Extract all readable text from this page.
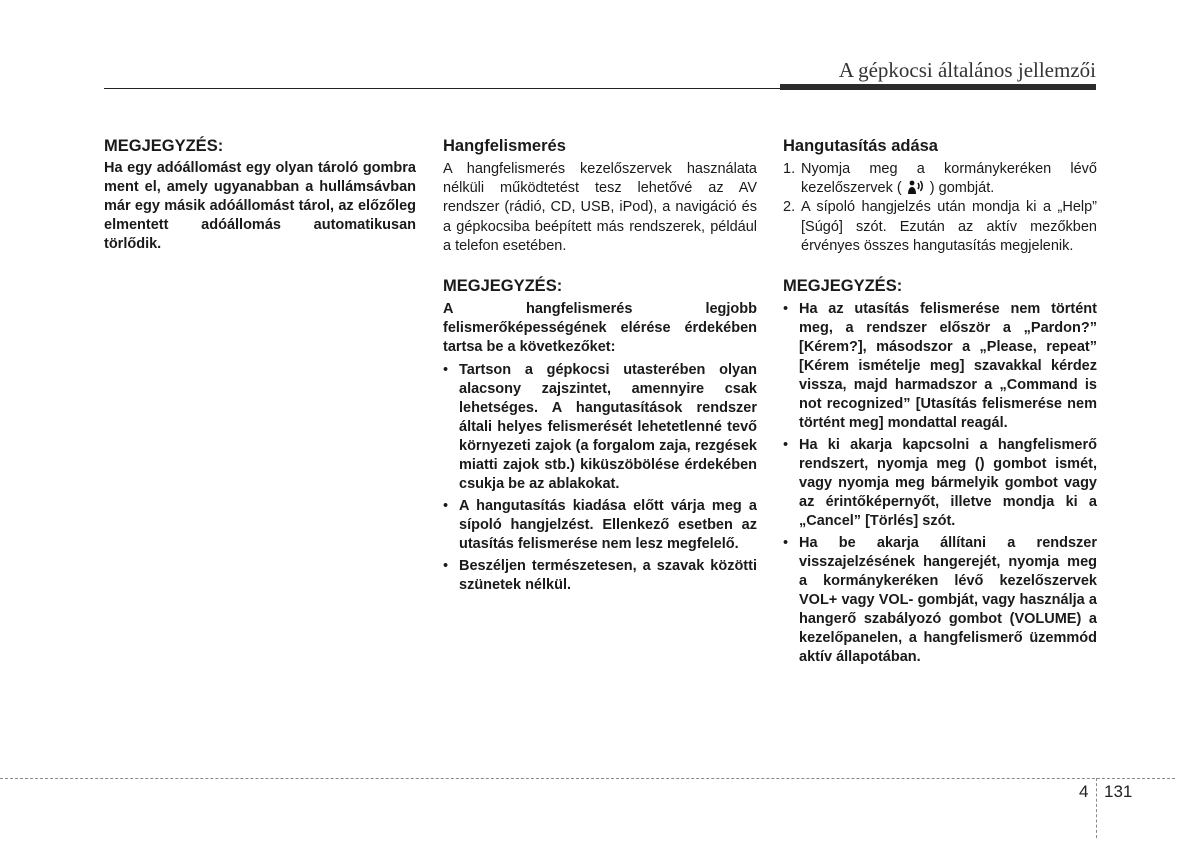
A gépkocsi általános jellemzői
MEGJEGYZÉS:

Ha egy adóállomást egy olyan tároló gombra ment el, amely ugyanabban a hullámsávban már egy másik adóállomást tárol, az előzőleg elmentett adóállomás automatikusan törlődik.

Hangfelismerés

A hangfelismerés kezelőszervek használata nélküli működtetést tesz lehetővé az AV rendszer (rádió, CD, USB, iPod), a navigáció és a gépkocsiba beépített más rendszerek, például a telefon esetében.

MEGJEGYZÉS:

A hangfelismerés legjobb felismerőképességének elérése érdekében tartsa be a következőket:

• Tartson a gépkocsi utasterében olyan alacsony zajszintet, amennyire csak lehetséges. A hangutasítások rendszer általi helyes felismerését lehetetlenné tevő környezeti zajok (a forgalom zaja, rezgések miatti zajok stb.) kiküszöbölése érdekében csukja be az ablakokat.
• A hangutasítás kiadása előtt várja meg a sípoló hangjelzést. Ellenkező esetben az utasítás felismerése nem lesz megfelelő.
• Beszéljen természetesen, a szavak közötti szünetek nélkül.
Hangutasítás adása
1. Nyomja meg a kormánykeréken lévő kezelőszervek ( ) gombját.
2. A sípoló hangjelzés után mondja ki a „Help” [Súgó] szót. Ezután az aktív mezőkben érvényes összes hangutasítás megjelenik.
MEGJEGYZÉS:
• Ha az utasítás felismerése nem történt meg, a rendszer először a „Pardon?” [Kérem?], másodszor a „Please, repeat” [Kérem ismételje meg] szavakkal kérdez vissza, majd harmadszor a „Command is not recognized” [Utasítás felismerése nem történt meg] mondattal reagál.
• Ha ki akarja kapcsolni a hangfelismerő rendszert, nyomja meg () gombot ismét, vagy nyomja meg bármelyik gombot vagy az érintőképernyőt, illetve mondja ki a „Cancel” [Törlés] szót.
• Ha be akarja állítani a rendszer visszajelzésének hangerejét, nyomja meg a kormánykeréken lévő kezelőszervek VOL+ vagy VOL- gombját, vagy használja a hangerő szabályozó gombot (VOLUME) a kezelőpanelen, a hangfelismerő üzemmód aktív állapotában.
4 131
